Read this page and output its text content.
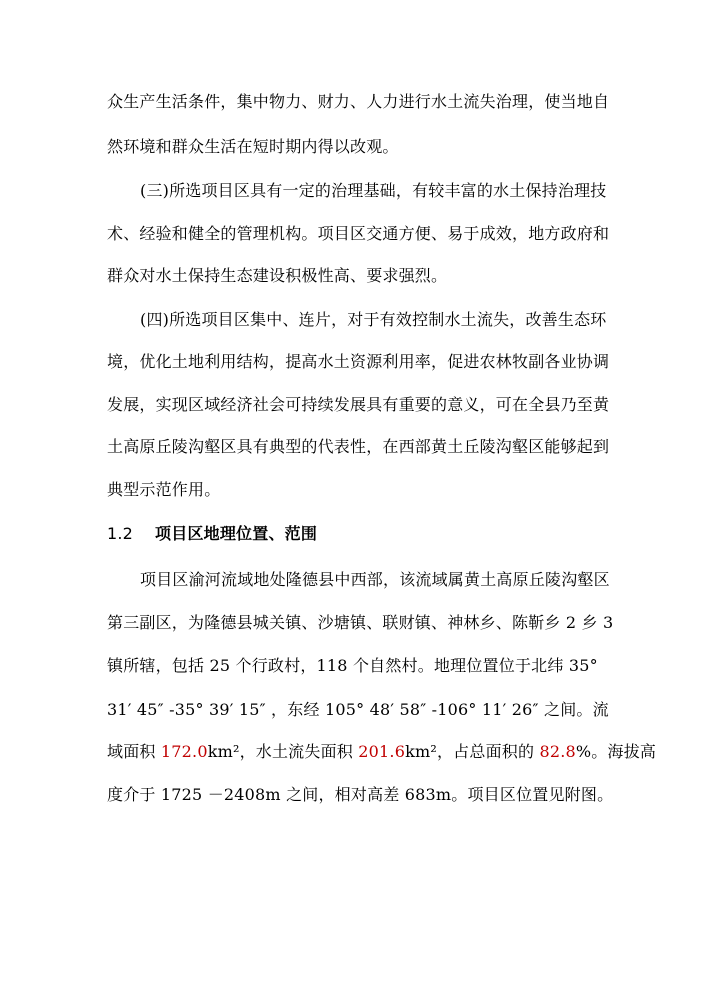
众生产生活条件，集中物力、财力、人力进行水土流失治理，使当地自
然环境和群众生活在短时期内得以改观。
(三)所选项目区具有一定的治理基础，有较丰富的水土保持治理技
术、经验和健全的管理机构。项目区交通方便、易于成效，地方政府和
群众对水土保持生态建设积极性高、要求强烈。
(四)所选项目区集中、连片，对于有效控制水土流失，改善生态环
境，优化土地利用结构，提高水土资源利用率，促进农林牧副各业协调
发展，实现区域经济社会可持续发展具有重要的意义，可在全县乃至黄
土高原丘陵沟壑区具有典型的代表性，在西部黄土丘陵沟壑区能够起到
典型示范作用。
1.2 项目区地理位置、范围
项目区渝河流域地处隆德县中西部，该流域属黄土高原丘陵沟壑区
第三副区，为隆德县城关镇、沙塘镇、联财镇、神林乡、陈靳乡 2 乡 3
镇所辖，包括 25 个行政村，118 个自然村。地理位置位于北纬 35°
31′ 45″ -35° 39′ 15″ ，东经 105° 48′ 58″ -106° 11′ 26″ 之间。流
域面积 172.0km²，水土流失面积 201.6km²，占总面积的 82.8%。海拔高
度介于 1725 －2408m 之间，相对高差 683m。项目区位置见附图。
